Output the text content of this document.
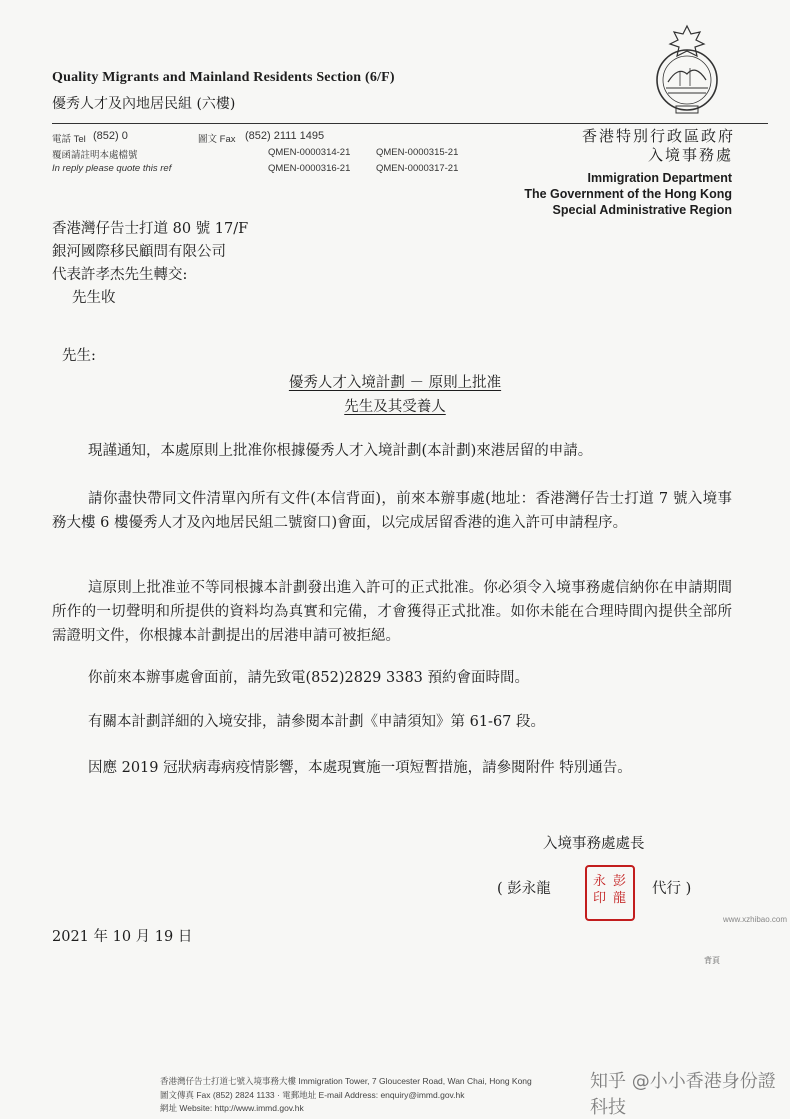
Quality Migrants and Mainland Residents Section (6/F)
優秀人才及內地居民組 (六樓)
電話 Tel (852) 0	圖文 Fax (852) 2111 1495
覆函請註明本處檔號
In reply please quote this ref
QMEN-0000314-21	QMEN-0000315-21
QMEN-0000316-21	QMEN-0000317-21
香港特別行政區政府
入境事務處
Immigration Department
The Government of the Hong Kong
Special Administrative Region
香港灣仔告士打道 80 號 17/F
銀河國際移民顧問有限公司
代表許孝杰先生轉交:
先生收
先生:
優秀人才入境計劃 － 原則上批准
先生及其受養人
現謹通知，本處原則上批准你根據優秀人才入境計劃(本計劃)來港居留的申請。
請你盡快帶同文件清單內所有文件(本信背面)，前來本辦事處(地址：香港灣仔告士打道 7 號入境事務大樓 6 樓優秀人才及內地居民組二號窗口)會面，以完成居留香港的進入許可申請程序。
這原則上批准並不等同根據本計劃發出進入許可的正式批准。你必須令入境事務處信納你在申請期間所作的一切聲明和所提供的資料均為真實和完備，才會獲得正式批准。如你未能在合理時間內提供全部所需證明文件，你根據本計劃提出的居港申請可被拒絕。
你前來本辦事處會面前，請先致電(852)2829 3383 預約會面時間。
有關本計劃詳細的入境安排，請參閱本計劃《申請須知》第 61-67 段。
因應 2019 冠狀病毒病疫情影響，本處現實施一項短暫措施，請參閱附件 特別通告。
入境事務處處長
( 彭永龍	彭龍
永印
代行 )
2021 年 10 月 19 日
背頁
www.xzhibao.com
香港灣仔告士打道七號入境事務大樓 Immigration Tower, 7 Gloucester Road, Wan Chai, Hong Kong
圖文傳真 Fax (852) 2824 1133 · 電郵地址 E-mail Address: enquiry@immd.gov.hk
網址 Website: http://www.immd.gov.hk
知乎 @小小香港身份證科技
